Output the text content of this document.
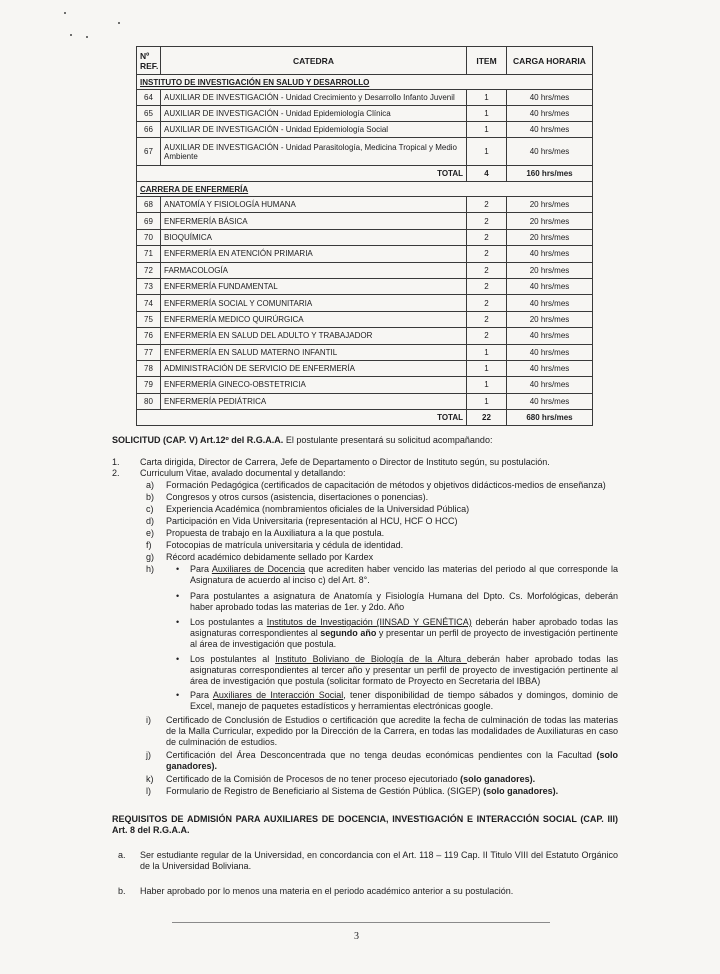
Nº REF.	CATEDRA	ITEM	CARGA HORARIA
INSTITUTO DE INVESTIGACIÓN EN SALUD Y DESARROLLO			
64	AUXILIAR DE INVESTIGACIÓN - Unidad Crecimiento y Desarrollo Infanto Juvenil	1	40 hrs/mes
65	AUXILIAR DE INVESTIGACIÓN - Unidad Epidemiología Clínica	1	40 hrs/mes
66	AUXILIAR DE INVESTIGACIÓN - Unidad Epidemiología Social	1	40 hrs/mes
67	AUXILIAR DE INVESTIGACIÓN - Unidad Parasitología, Medicina Tropical y Medio Ambiente	1	40 hrs/mes
TOTAL		4	160 hrs/mes
CARRERA DE ENFERMERÍA			
68	ANATOMÍA Y FISIOLOGÍA HUMANA	2	20 hrs/mes
69	ENFERMERÍA BÁSICA	2	20 hrs/mes
70	BIOQUÍMICA	2	20 hrs/mes
71	ENFERMERÍA EN ATENCIÓN PRIMARIA	2	40 hrs/mes
72	FARMACOLOGÍA	2	20 hrs/mes
73	ENFERMERÍA FUNDAMENTAL	2	40 hrs/mes
74	ENFERMERÍA SOCIAL Y COMUNITARIA	2	40 hrs/mes
75	ENFERMERÍA MEDICO QUIRÚRGICA	2	20 hrs/mes
76	ENFERMERÍA EN SALUD DEL ADULTO Y TRABAJADOR	2	40 hrs/mes
77	ENFERMERÍA EN SALUD MATERNO INFANTIL	1	40 hrs/mes
78	ADMINISTRACIÓN DE SERVICIO DE ENFERMERÍA	1	40 hrs/mes
79	ENFERMERÍA GINECO-OBSTETRICIA	1	40 hrs/mes
80	ENFERMERÍA PEDIÁTRICA	1	40 hrs/mes
TOTAL		22	680 hrs/mes
SOLICITUD (CAP. V) Art.12º del R.G.A.A. El postulante presentará su solicitud acompañando:
1. Carta dirigida, Director de Carrera, Jefe de Departamento o Director de Instituto según, su postulación.
2. Curriculum Vitae, avalado documental y detallando:
a) Formación Pedagógica (certificados de capacitación de métodos y objetivos didácticos-medios de enseñanza)
b) Congresos y otros cursos (asistencia, disertaciones o ponencias).
c) Experiencia Académica (nombramientos oficiales de la Universidad Pública)
d) Participación en Vida Universitaria (representación al HCU, HCF O HCC)
e) Propuesta de trabajo en la Auxiliatura a la que postula.
f) Fotocopias de matrícula universitaria y cédula de identidad.
g) Récord académico debidamente sellado por Kardex
h) • Para Auxiliares de Docencia que acrediten haber vencido las materias del periodo al que corresponde la Asignatura de acuerdo al inciso c) del Art. 8°.
• Para postulantes a asignatura de Anatomía y Fisiología Humana del Dpto. Cs. Morfológicas, deberán haber aprobado todas las materias de 1er. y 2do. Año
• Los postulantes a Institutos de Investigación (IINSAD Y GENÉTICA) deberán haber aprobado todas las asignaturas correspondientes al segundo año y presentar un perfil de proyecto de investigación pertinente al área de investigación que postula.
• Los postulantes al Instituto Boliviano de Biología de la Altura deberán haber aprobado todas las asignaturas correspondientes al tercer año y presentar un perfil de proyecto de investigación pertinente al área de investigación que postula (solicitar formato de Proyecto en Secretaria del IBBA)
• Para Auxiliares de Interacción Social, tener disponibilidad de tiempo sábados y domingos, dominio de Excel, manejo de paquetes estadísticos y herramientas electrónicas google.
i) Certificado de Conclusión de Estudios o certificación que acredite la fecha de culminación de todas las materias de la Malla Curricular, expedido por la Dirección de la Carrera, en todas las modalidades de Auxiliaturas en caso de culminación de estudios.
j) Certificación del Área Desconcentrada que no tenga deudas económicas pendientes con la Facultad (solo ganadores).
k) Certificado de la Comisión de Procesos de no tener proceso ejecutoriado (solo ganadores).
l) Formulario de Registro de Beneficiario al Sistema de Gestión Pública. (SIGEP) (solo ganadores).
REQUISITOS DE ADMISIÓN PARA AUXILIARES DE DOCENCIA, INVESTIGACIÓN E INTERACCIÓN SOCIAL (CAP. III) Art. 8 del R.G.A.A.
a. Ser estudiante regular de la Universidad, en concordancia con el Art. 118 – 119 Cap. II Titulo VIII del Estatuto Orgánico de la Universidad Boliviana.
b. Haber aprobado por lo menos una materia en el periodo académico anterior a su postulación.
3
